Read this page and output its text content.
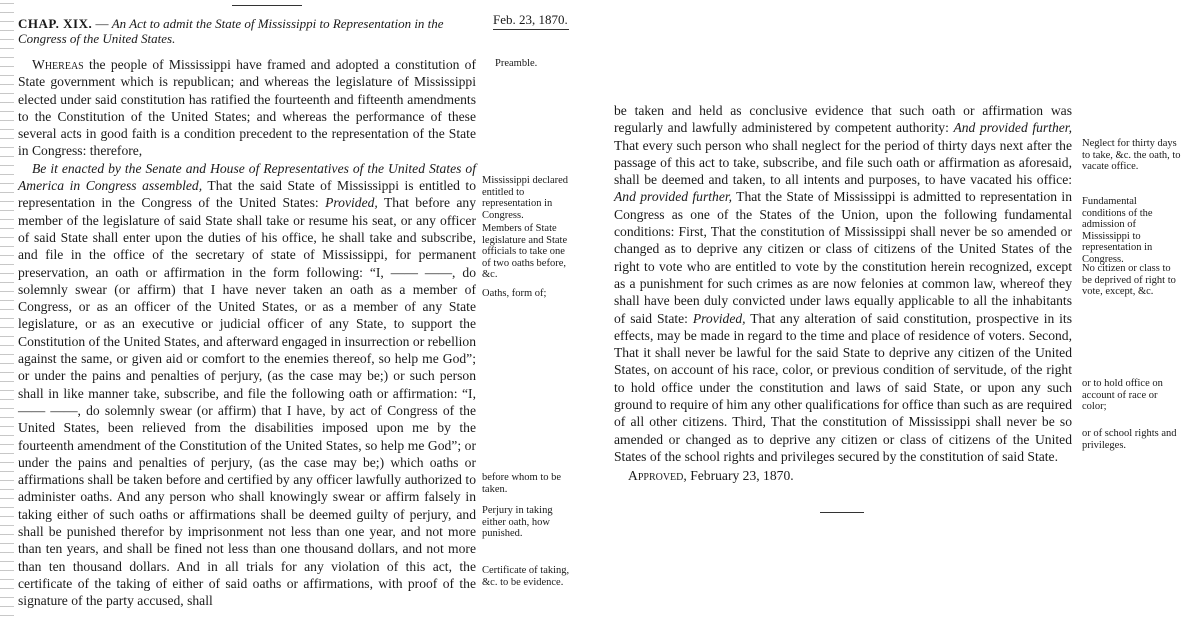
CHAP. XIX. — An Act to admit the State of Mississippi to Representation in the Congress of the United States.
Feb. 23, 1870.

Whereas the people of Mississippi have framed and adopted a constitution of State government which is republican; and whereas the legislature of Mississippi elected under said constitution has ratified the fourteenth and fifteenth amendments to the Constitution of the United States; and whereas the performance of these several acts in good faith is a condition precedent to the representation of the State in Congress: therefore,

Be it enacted by the Senate and House of Representatives of the United States of America in Congress assembled, That the said State of Mississippi is entitled to representation in the Congress of the United States: Provided, That before any member of the legislature of said State shall take or resume his seat, or any officer of said State shall enter upon the duties of his office, he shall take and subscribe, and file in the office of the secretary of state of Mississippi, for permanent preservation, an oath or affirmation in the form following: “I, —— ——, do solemnly swear (or affirm) that I have never taken an oath as a member of Congress, or as an officer of the United States, or as a member of any State legislature, or as an executive or judicial officer of any State, to support the Constitution of the United States, and afterward engaged in insurrection or rebellion against the same, or given aid or comfort to the enemies thereof, so help me God”; or under the pains and penalties of perjury, (as the case may be;) or such person shall in like manner take, subscribe, and file the following oath or affirmation: “I, —— ——, do solemnly swear (or affirm) that I have, by act of Congress of the United States, been relieved from the disabilities imposed upon me by the fourteenth amendment of the Constitution of the United States, so help me God”; or under the pains and penalties of perjury, (as the case may be;) which oaths or affirmations shall be taken before and certified by any officer lawfully authorized to administer oaths. And any person who shall knowingly swear or affirm falsely in taking either of such oaths or affirmations shall be deemed guilty of perjury, and shall be punished therefor by imprisonment not less than one year, and not more than ten years, and shall be fined not less than one thousand dollars, and not more than ten thousand dollars. And in all trials for any violation of this act, the certificate of the taking of either of said oaths or affirmations, with proof of the signature of the party accused, shall

Preamble.
Mississippi declared entitled to representation in Congress.
Members of State legislature and State officials to take one of two oaths before, &c.
Oaths, form of;
before whom to be taken.
Perjury in taking either oath, how punished.
Certificate of taking, &c. to be evidence.

be taken and held as conclusive evidence that such oath or affirmation was regularly and lawfully administered by competent authority: And provided further, That every such person who shall neglect for the period of thirty days next after the passage of this act to take, subscribe, and file such oath or affirmation as aforesaid, shall be deemed and taken, to all intents and purposes, to have vacated his office: And provided further, That the State of Mississippi is admitted to representation in Congress as one of the States of the Union, upon the following fundamental conditions: First, That the constitution of Mississippi shall never be so amended or changed as to deprive any citizen or class of citizens of the United States of the right to vote who are entitled to vote by the constitution herein recognized, except as a punishment for such crimes as are now felonies at common law, whereof they shall have been duly convicted under laws equally applicable to all the inhabitants of said State: Provided, That any alteration of said constitution, prospective in its effects, may be made in regard to the time and place of residence of voters. Second, That it shall never be lawful for the said State to deprive any citizen of the United States, on account of his race, color, or previous condition of servitude, of the right to hold office under the constitution and laws of said State, or upon any such ground to require of him any other qualifications for office than such as are required of all other citizens. Third, That the constitution of Mississippi shall never be so amended or changed as to deprive any citizen or class of citizens of the United States of the school rights and privileges secured by the constitution of said State.

Approved, February 23, 1870.

Neglect for thirty days to take, &c. the oath, to vacate office.
Fundamental conditions of the admission of Mississippi to representation in Congress.
No citizen or class to be deprived of right to vote, except, &c.
or to hold office on account of race or color;
or of school rights and privileges.
